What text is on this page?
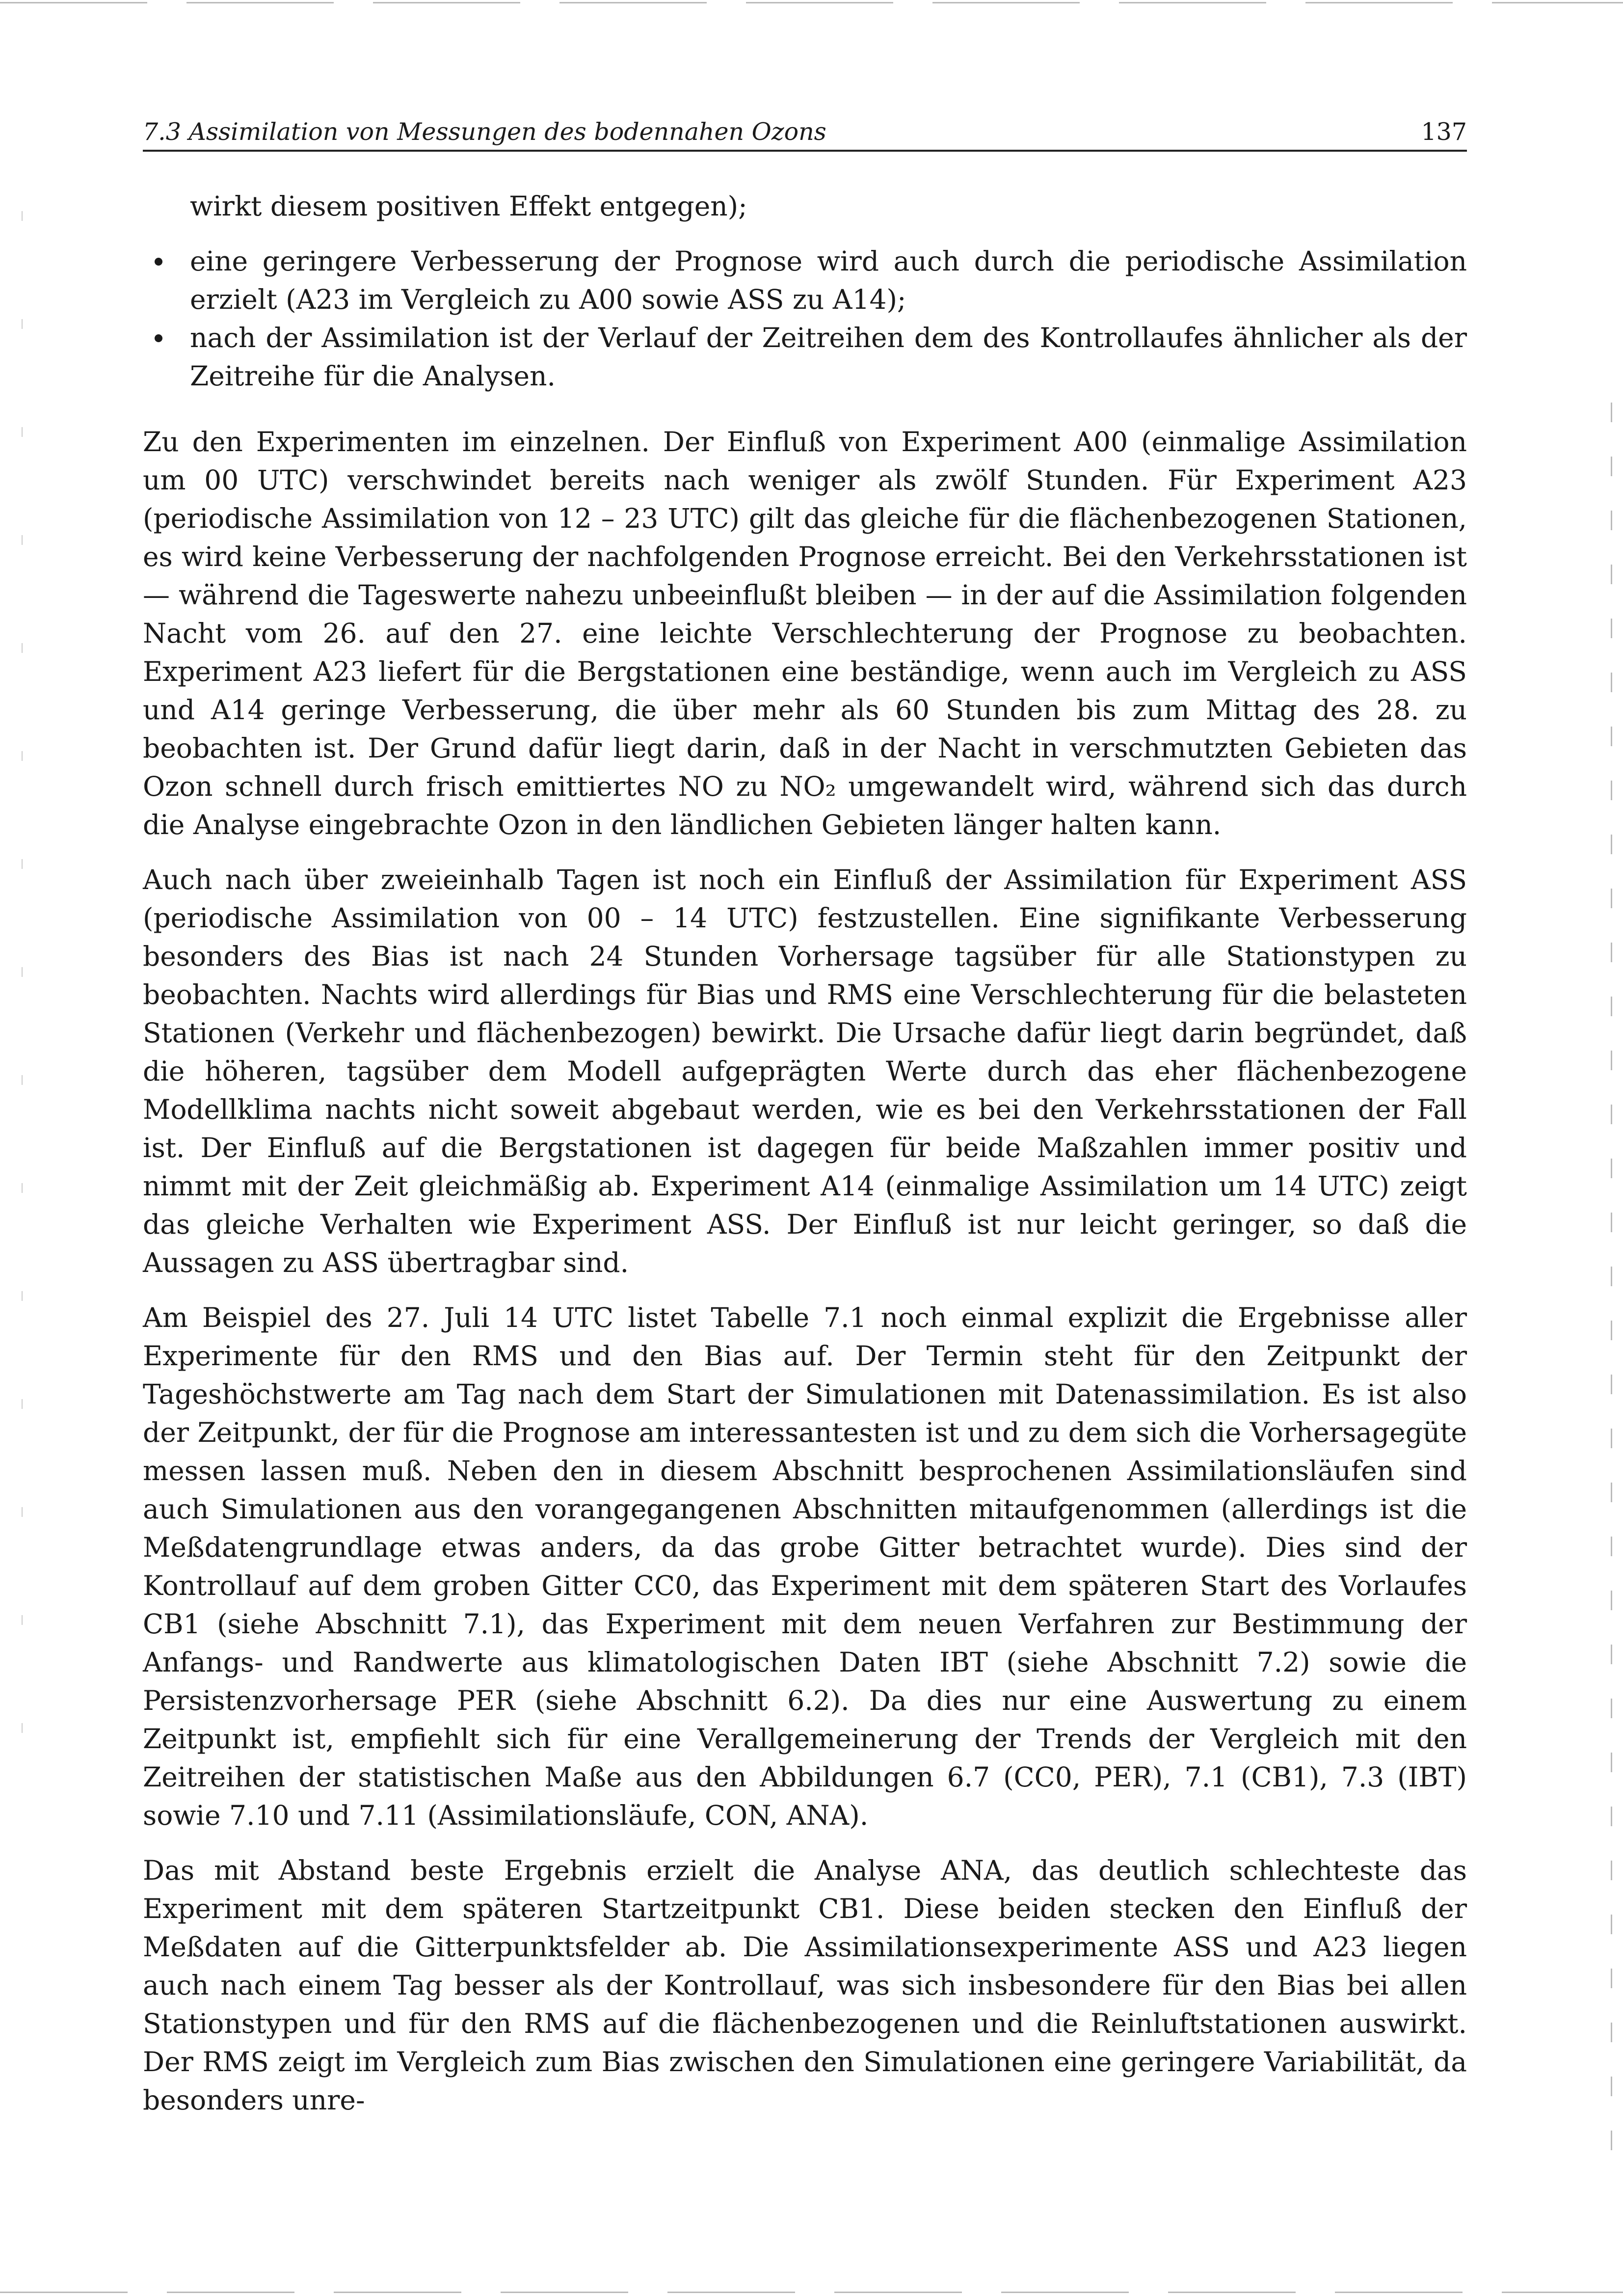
7.3 Assimilation von Messungen des bodennahen Ozons	137

wirkt diesem positiven Effekt entgegen);

eine geringere Verbesserung der Prognose wird auch durch die periodische Assimilation erzielt (A23 im Vergleich zu A00 sowie ASS zu A14);
nach der Assimilation ist der Verlauf der Zeitreihen dem des Kontrollaufes ähnlicher als der Zeitreihe für die Analysen.

Zu den Experimenten im einzelnen. Der Einfluß von Experiment A00 (einmalige Assimilation um 00 UTC) verschwindet bereits nach weniger als zwölf Stunden. Für Experiment A23 (periodische Assimilation von 12 – 23 UTC) gilt das gleiche für die flächenbezogenen Stationen, es wird keine Verbesserung der nachfolgenden Prognose erreicht. Bei den Verkehrsstationen ist — während die Tageswerte nahezu unbeeinflußt bleiben — in der auf die Assimilation folgenden Nacht vom 26. auf den 27. eine leichte Verschlechterung der Prognose zu beobachten. Experiment A23 liefert für die Bergstationen eine beständige, wenn auch im Vergleich zu ASS und A14 geringe Verbesserung, die über mehr als 60 Stunden bis zum Mittag des 28. zu beobachten ist. Der Grund dafür liegt darin, daß in der Nacht in verschmutzten Gebieten das Ozon schnell durch frisch emittiertes NO zu NO₂ umgewandelt wird, während sich das durch die Analyse eingebrachte Ozon in den ländlichen Gebieten länger halten kann.

Auch nach über zweieinhalb Tagen ist noch ein Einfluß der Assimilation für Experiment ASS (periodische Assimilation von 00 – 14 UTC) festzustellen. Eine signifikante Verbesserung besonders des Bias ist nach 24 Stunden Vorhersage tagsüber für alle Stationstypen zu beobachten. Nachts wird allerdings für Bias und RMS eine Verschlechterung für die belasteten Stationen (Verkehr und flächenbezogen) bewirkt. Die Ursache dafür liegt darin begründet, daß die höheren, tagsüber dem Modell aufgeprägten Werte durch das eher flächenbezogene Modellklima nachts nicht soweit abgebaut werden, wie es bei den Verkehrsstationen der Fall ist. Der Einfluß auf die Bergstationen ist dagegen für beide Maßzahlen immer positiv und nimmt mit der Zeit gleichmäßig ab. Experiment A14 (einmalige Assimilation um 14 UTC) zeigt das gleiche Verhalten wie Experiment ASS. Der Einfluß ist nur leicht geringer, so daß die Aussagen zu ASS übertragbar sind.

Am Beispiel des 27. Juli 14 UTC listet Tabelle 7.1 noch einmal explizit die Ergebnisse aller Experimente für den RMS und den Bias auf. Der Termin steht für den Zeitpunkt der Tageshöchstwerte am Tag nach dem Start der Simulationen mit Datenassimilation. Es ist also der Zeitpunkt, der für die Prognose am interessantesten ist und zu dem sich die Vorhersagegüte messen lassen muß. Neben den in diesem Abschnitt besprochenen Assimilationsläufen sind auch Simulationen aus den vorangegangenen Abschnitten mitaufgenommen (allerdings ist die Meßdatengrundlage etwas anders, da das grobe Gitter betrachtet wurde). Dies sind der Kontrollauf auf dem groben Gitter CC0, das Experiment mit dem späteren Start des Vorlaufes CB1 (siehe Abschnitt 7.1), das Experiment mit dem neuen Verfahren zur Bestimmung der Anfangs- und Randwerte aus klimatologischen Daten IBT (siehe Abschnitt 7.2) sowie die Persistenzvorhersage PER (siehe Abschnitt 6.2). Da dies nur eine Auswertung zu einem Zeitpunkt ist, empfiehlt sich für eine Verallgemeinerung der Trends der Vergleich mit den Zeitreihen der statistischen Maße aus den Abbildungen 6.7 (CC0, PER), 7.1 (CB1), 7.3 (IBT) sowie 7.10 und 7.11 (Assimilationsläufe, CON, ANA).

Das mit Abstand beste Ergebnis erzielt die Analyse ANA, das deutlich schlechteste das Experiment mit dem späteren Startzeitpunkt CB1. Diese beiden stecken den Einfluß der Meßdaten auf die Gitterpunktsfelder ab. Die Assimilationsexperimente ASS und A23 liegen auch nach einem Tag besser als der Kontrollauf, was sich insbesondere für den Bias bei allen Stationstypen und für den RMS auf die flächenbezogenen und die Reinluftstationen auswirkt. Der RMS zeigt im Vergleich zum Bias zwischen den Simulationen eine geringere Variabilität, da besonders unre-
